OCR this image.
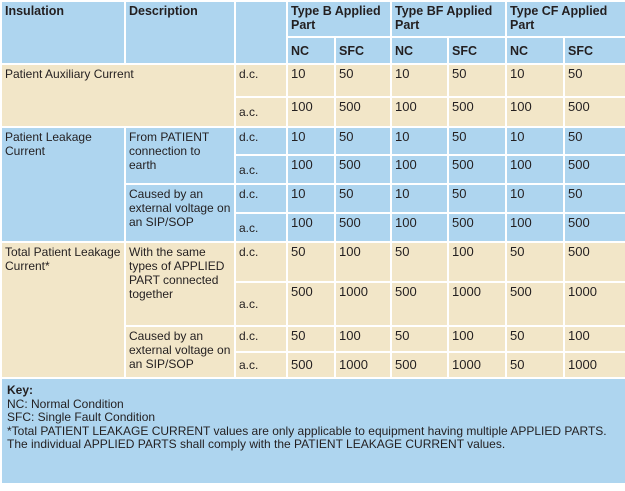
Insulation	Description		Type B Applied Part		Type BF Applied Part		Type CF Applied Part	
			NC	SFC	NC	SFC	NC	SFC
Patient Auxiliary Current		d.c.	10	50	10	50	10	50
		a.c.	100	500	100	500	100	500
Patient Leakage Current	From PATIENT connection to earth	d.c.	10	50	10	50	10	50
		a.c.	100	500	100	500	100	500
	Caused by an external voltage on an SIP/SOP	d.c.	10	50	10	50	10	50
		a.c.	100	500	100	500	100	500
Total Patient Leakage Current*	With the same types of APPLIED PART connected together	d.c.	50	100	50	100	50	500
		a.c.	500	1000	500	1000	500	1000
	Caused by an external voltage on an SIP/SOP	d.c.	50	100	50	100	50	100
		a.c.	500	1000	500	1000	50	1000

Key:
NC: Normal Condition
SFC: Single Fault Condition
*Total PATIENT LEAKAGE CURRENT values are only applicable to equipment having multiple APPLIED PARTS. The individual APPLIED PARTS shall comply with the PATIENT LEAKAGE CURRENT values.								
